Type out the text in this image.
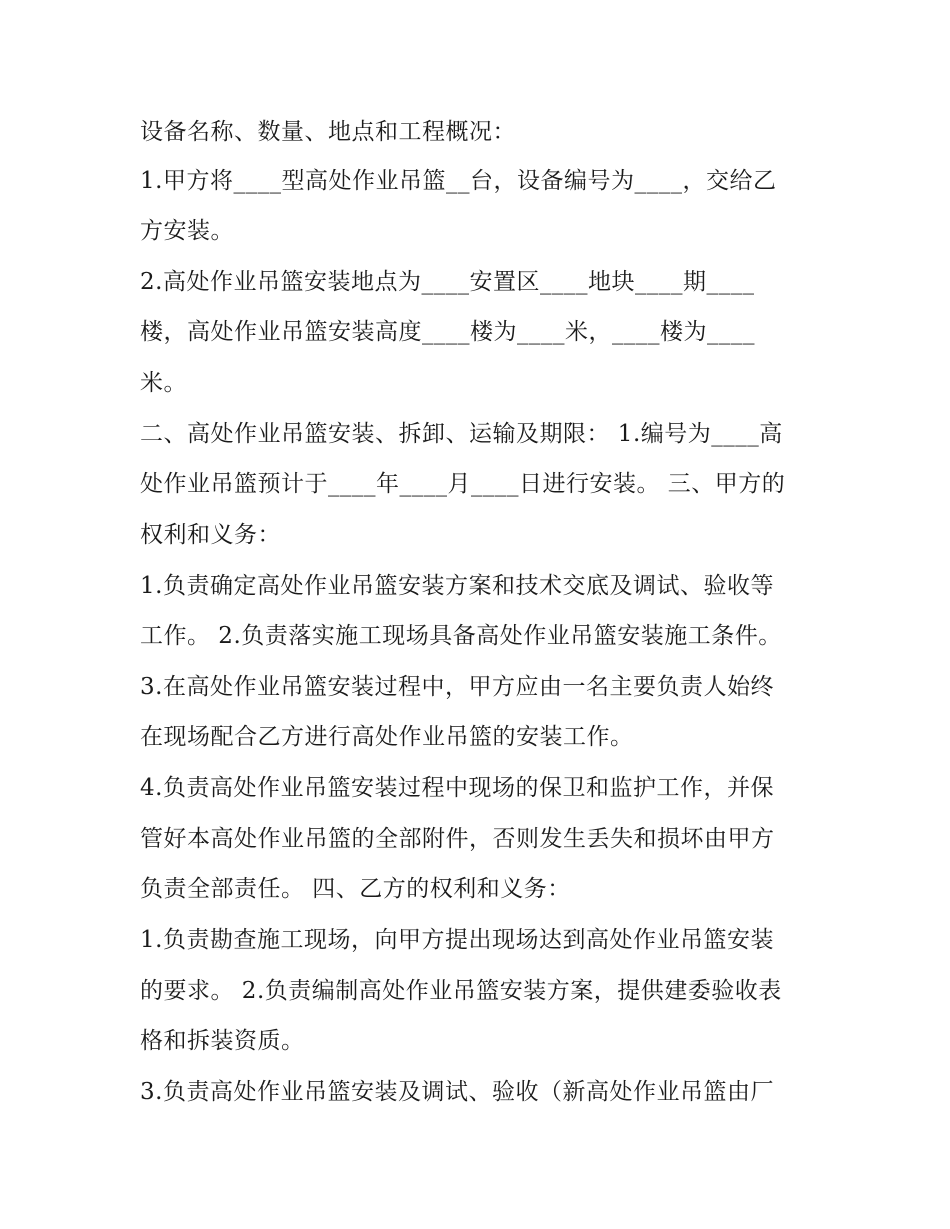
设备名称、数量、地点和工程概况：
1.甲方将____型高处作业吊篮__台，设备编号为____，交给乙
方安装。
2.高处作业吊篮安装地点为____安置区____地块____期____
楼，高处作业吊篮安装高度____楼为____米，____楼为____
米。
二、高处作业吊篮安装、拆卸、运输及期限： 1.编号为____高
处作业吊篮预计于____年____月____日进行安装。 三、甲方的
权利和义务：
1.负责确定高处作业吊篮安装方案和技术交底及调试、验收等
工作。 2.负责落实施工现场具备高处作业吊篮安装施工条件。
3.在高处作业吊篮安装过程中，甲方应由一名主要负责人始终
在现场配合乙方进行高处作业吊篮的安装工作。
4.负责高处作业吊篮安装过程中现场的保卫和监护工作，并保
管好本高处作业吊篮的全部附件，否则发生丢失和损坏由甲方
负责全部责任。 四、乙方的权利和义务：
1.负责勘查施工现场，向甲方提出现场达到高处作业吊篮安装
的要求。 2.负责编制高处作业吊篮安装方案，提供建委验收表
格和拆装资质。
3.负责高处作业吊篮安装及调试、验收（新高处作业吊篮由厂
